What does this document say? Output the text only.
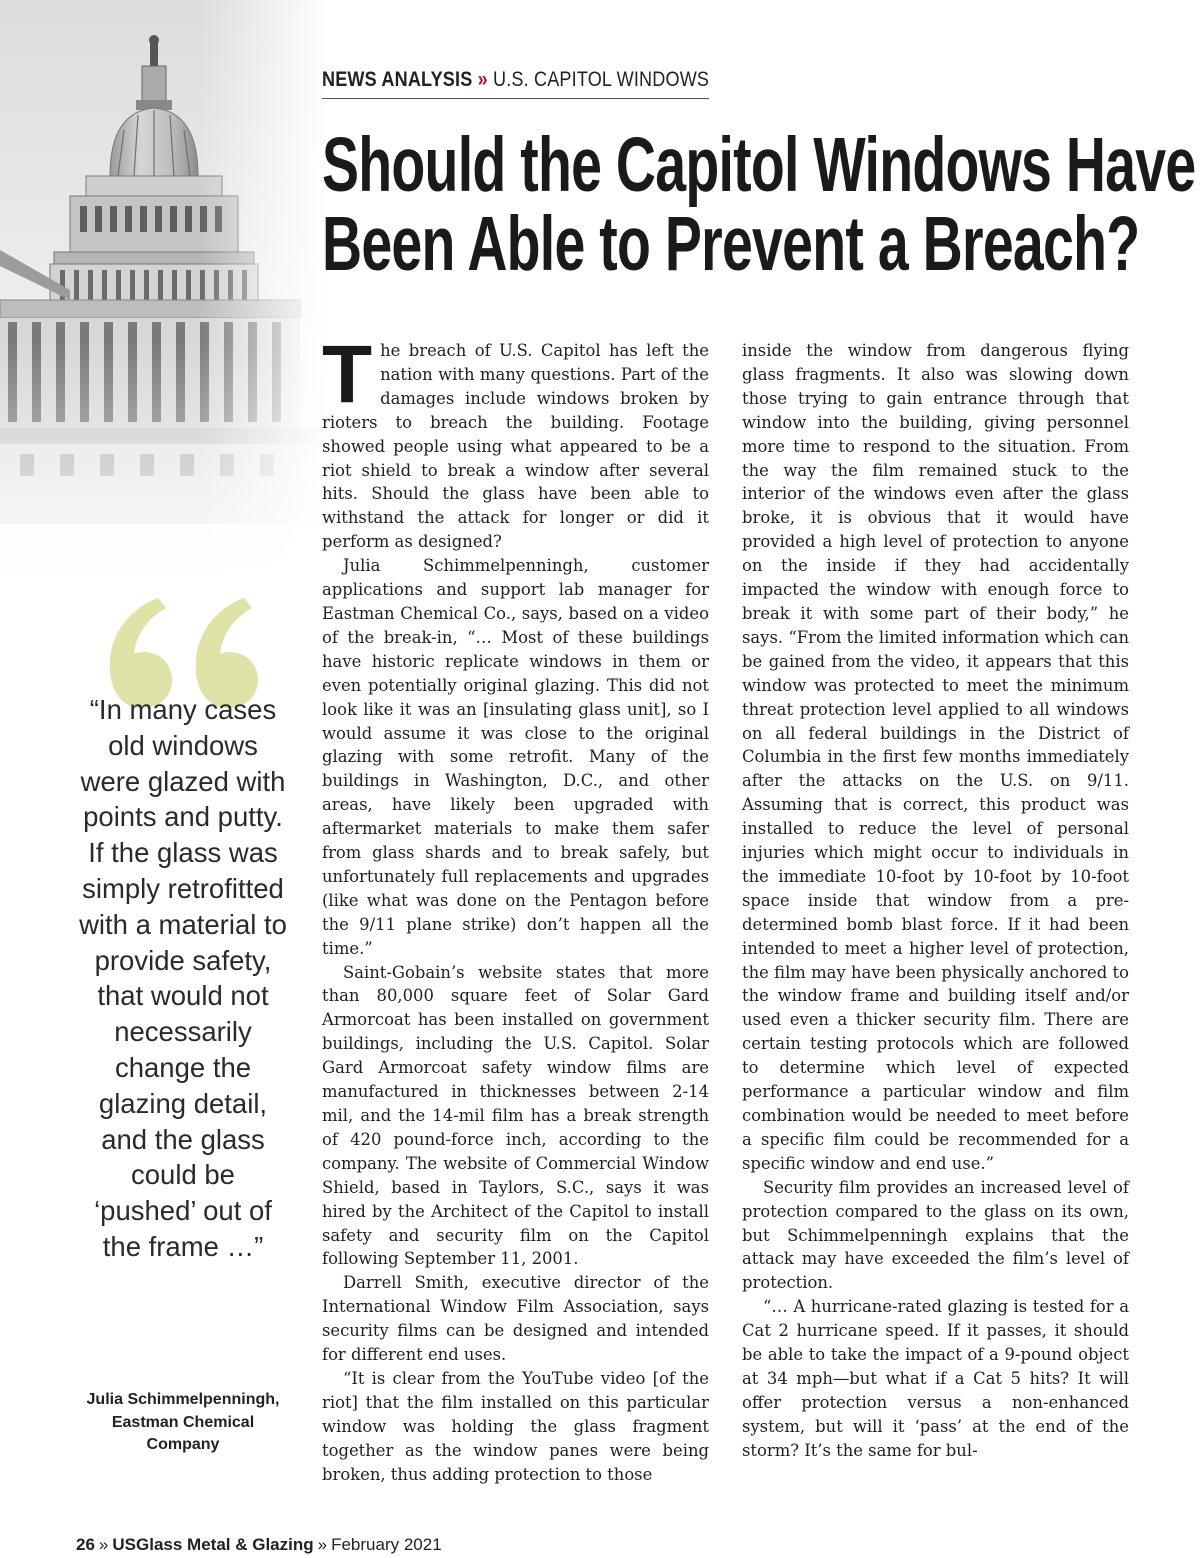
NEWS ANALYSIS » U.S. CAPITOL WINDOWS
Should the Capitol Windows Have
Been Able to Prevent a Breach?

The breach of U.S. Capitol has left the nation with many questions. Part of the damages include windows broken by rioters to breach the building. Footage showed people using what appeared to be a riot shield to break a window after several hits. Should the glass have been able to withstand the attack for longer or did it perform as designed?

Julia Schimmelpenningh, customer applications and support lab manager for Eastman Chemical Co., says, based on a video of the break-in, “… Most of these buildings have historic replicate windows in them or even potentially original glazing. This did not look like it was an [insulating glass unit], so I would assume it was close to the original glazing with some retrofit. Many of the buildings in Washington, D.C., and other areas, have likely been upgraded with aftermarket materials to make them safer from glass shards and to break safely, but unfortunately full replacements and upgrades (like what was done on the Pentagon before the 9/11 plane strike) don’t happen all the time.”

Saint-Gobain’s website states that more than 80,000 square feet of Solar Gard Armorcoat has been installed on government buildings, including the U.S. Capitol. Solar Gard Armorcoat safety window films are manufactured in thicknesses between 2-14 mil, and the 14-mil film has a break strength of 420 pound-force inch, according to the company. The website of Commercial Window Shield, based in Taylors, S.C., says it was hired by the Architect of the Capitol to install safety and security film on the Capitol following September 11, 2001.

Darrell Smith, executive director of the International Window Film Association, says security films can be designed and intended for different end uses.

“It is clear from the YouTube video [of the riot] that the film installed on this particular window was holding the glass fragment together as the window panes were being broken, thus adding protection to those

inside the window from dangerous flying glass fragments. It also was slowing down those trying to gain entrance through that window into the building, giving personnel more time to respond to the situation. From the way the film remained stuck to the interior of the windows even after the glass broke, it is obvious that it would have provided a high level of protection to anyone on the inside if they had accidentally impacted the window with enough force to break it with some part of their body,” he says. “From the limited information which can be gained from the video, it appears that this window was protected to meet the minimum threat protection level applied to all windows on all federal buildings in the District of Columbia in the first few months immediately after the attacks on the U.S. on 9/11. Assuming that is correct, this product was installed to reduce the level of personal injuries which might occur to individuals in the immediate 10-foot by 10-foot by 10-foot space inside that window from a pre-determined bomb blast force. If it had been intended to meet a higher level of protection, the film may have been physically anchored to the window frame and building itself and/or used even a thicker security film. There are certain testing protocols which are followed to determine which level of expected performance a particular window and film combination would be needed to meet before a specific film could be recommended for a specific window and end use.”

Security film provides an increased level of protection compared to the glass on its own, but Schimmelpenningh explains that the attack may have exceeded the film’s level of protection.

“… A hurricane-rated glazing is tested for a Cat 2 hurricane speed. If it passes, it should be able to take the impact of a 9-pound object at 34 mph—but what if a Cat 5 hits? It will offer protection versus a non-enhanced system, but will it ‘pass’ at the end of the storm? It’s the same for bul-

“In many cases old windows were glazed with points and putty. If the glass was simply retrofitted with a material to provide safety, that would not necessarily change the glazing detail, and the glass could be ‘pushed’ out of the frame …”

Julia Schimmelpenningh, Eastman Chemical Company
26 » USGlass Metal & Glazing » February 2021
